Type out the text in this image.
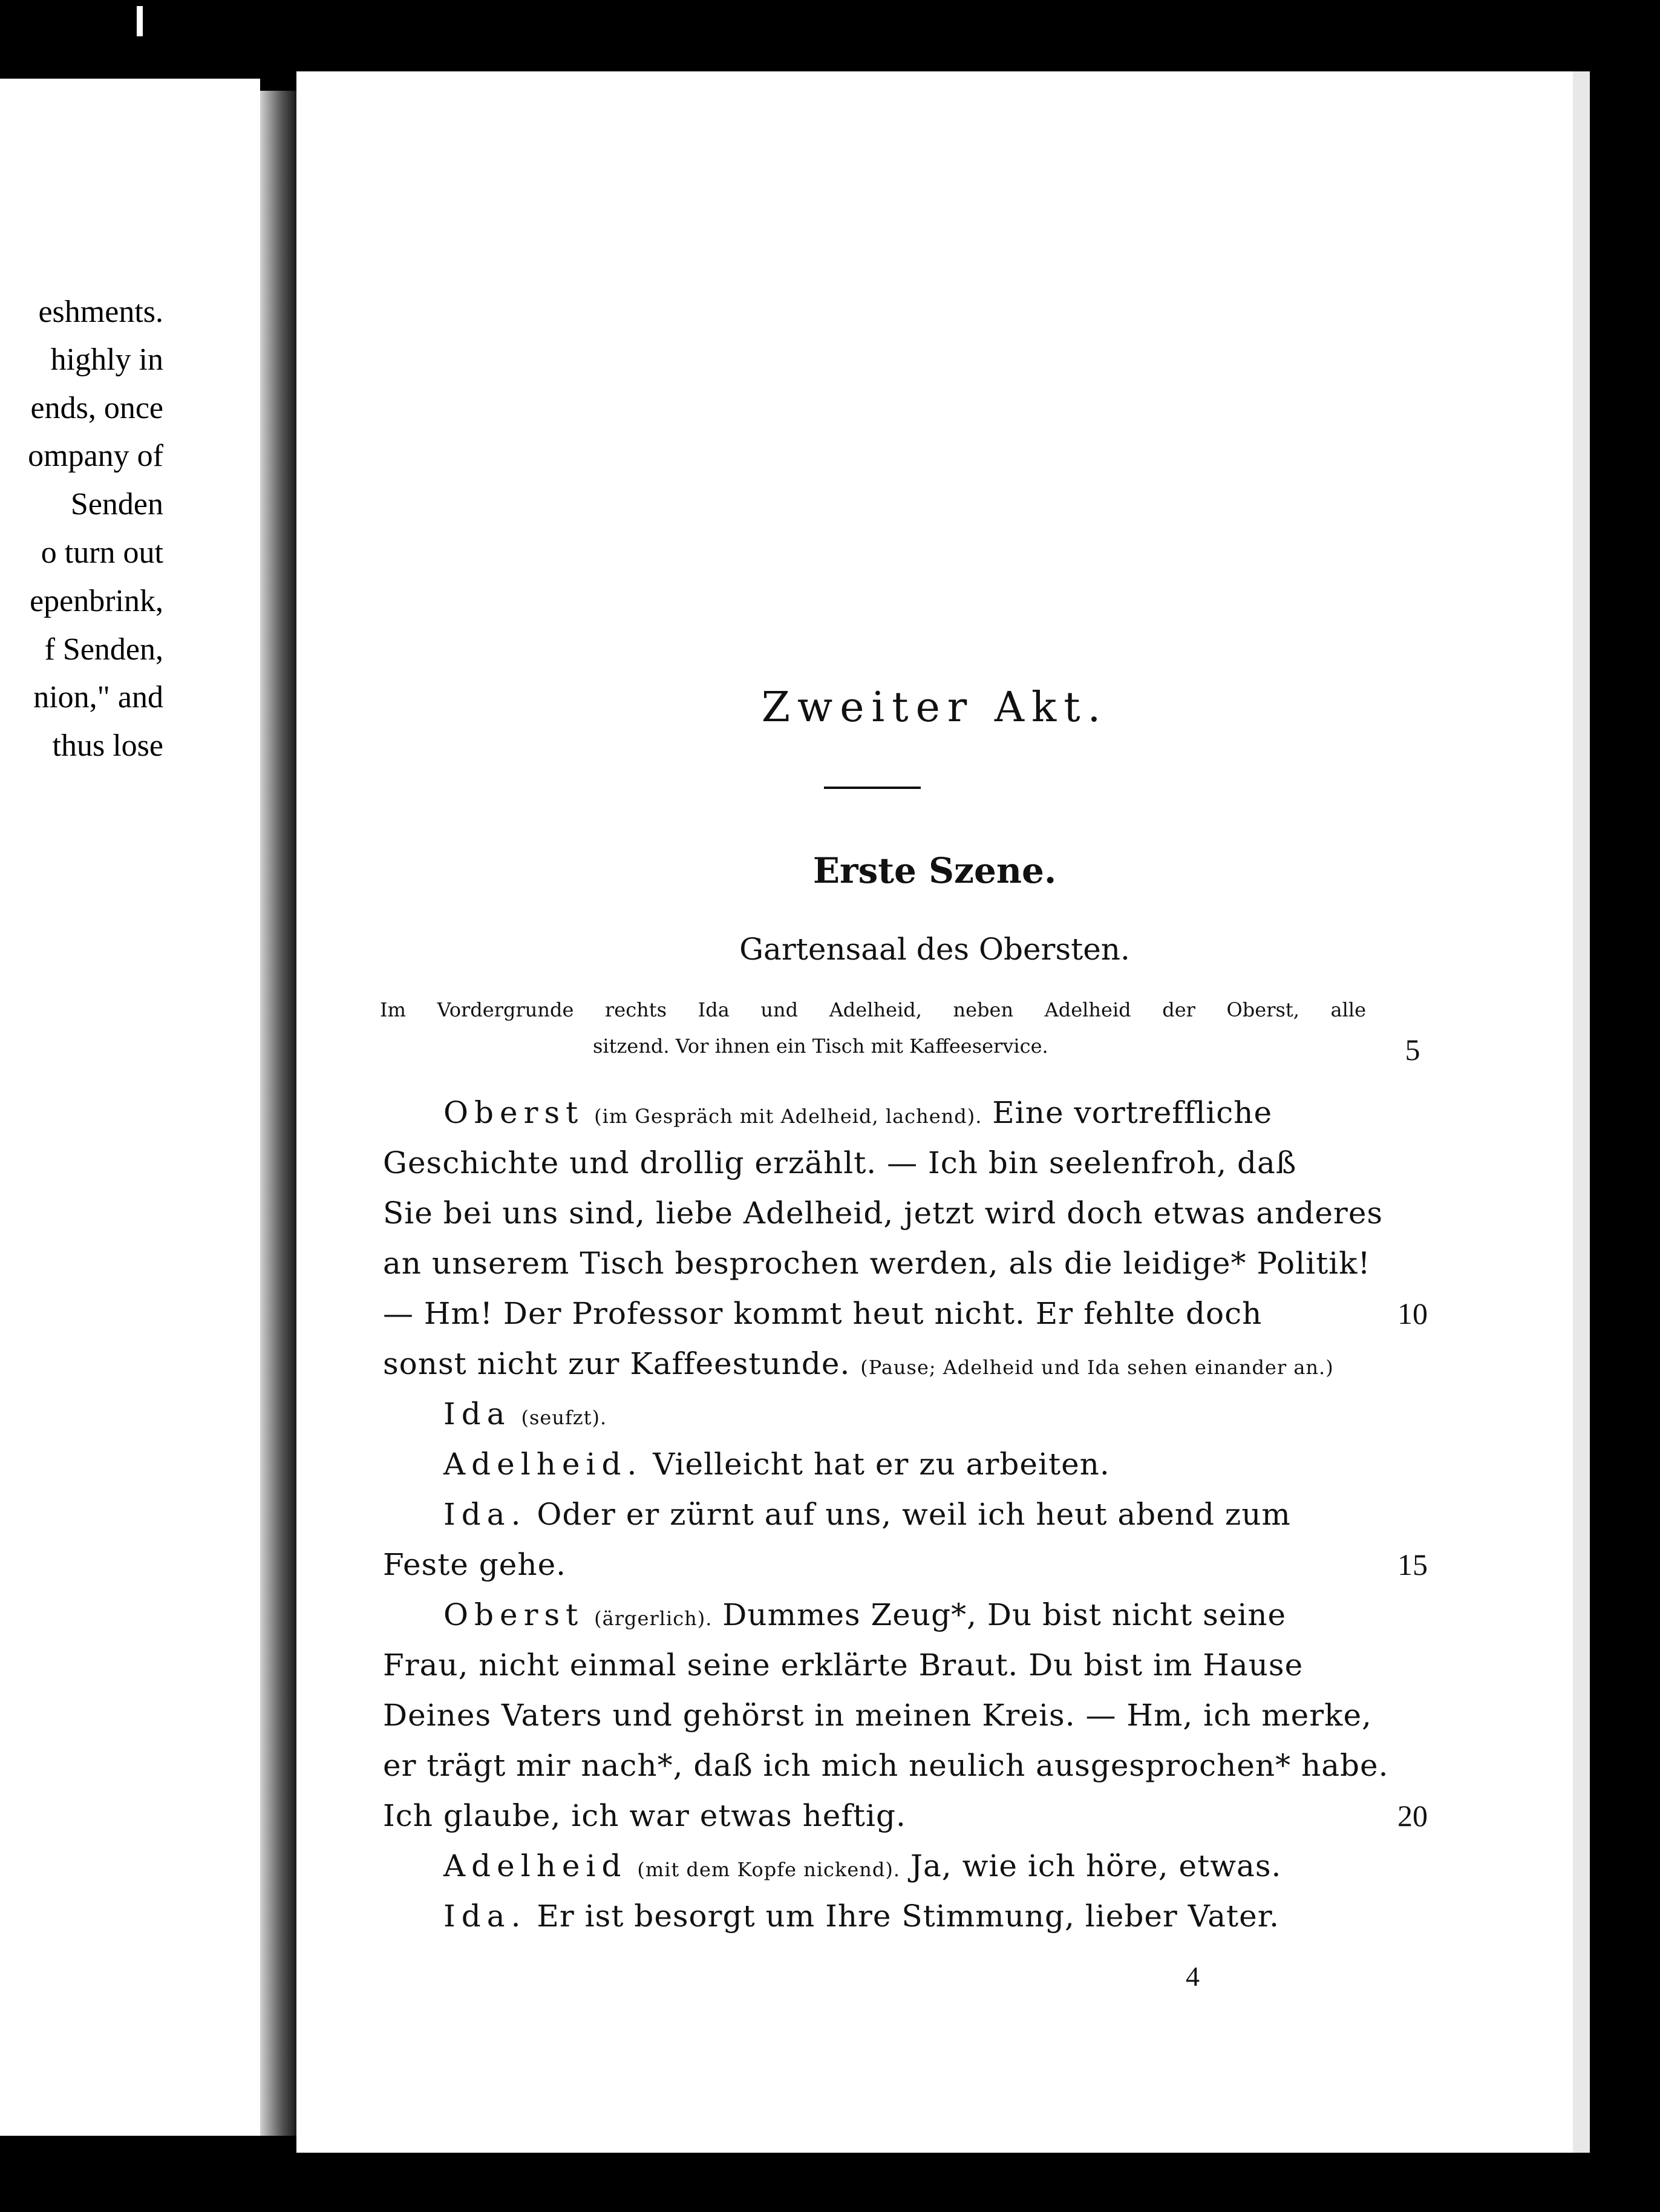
eshments.
highly in
ends, once
ompany of
Senden
o turn out
epenbrink,
f Senden,
nion," and
thus lose
Zweiter Akt.
Erste Szene.
Gartensaal des Obersten.
Im Vordergrunde rechts Ida und Adelheid, neben Adelheid der Oberst, alle
sitzend. Vor ihnen ein Tisch mit Kaffeeservice.
Oberst (im Gespräch mit Adelheid, lachend). Eine vortreffliche
Geschichte und drollig erzählt. — Ich bin seelenfroh, daß
Sie bei uns sind, liebe Adelheid, jetzt wird doch etwas anderes
an unserem Tisch besprochen werden, als die leidige* Politik!
— Hm! Der Professor kommt heut nicht. Er fehlte doch
sonst nicht zur Kaffeestunde. (Pause; Adelheid und Ida sehen einander an.)
Ida (seufzt).
Adelheid. Vielleicht hat er zu arbeiten.
Ida. Oder er zürnt auf uns, weil ich heut abend zum
Feste gehe.
Oberst (ärgerlich). Dummes Zeug*, Du bist nicht seine
Frau, nicht einmal seine erklärte Braut. Du bist im Hause
Deines Vaters und gehörst in meinen Kreis. — Hm, ich merke,
er trägt mir nach*, daß ich mich neulich ausgesprochen* habe.
Ich glaube, ich war etwas heftig.
Adelheid (mit dem Kopfe nickend). Ja, wie ich höre, etwas.
Ida. Er ist besorgt um Ihre Stimmung, lieber Vater.
5
10
15
20
4
